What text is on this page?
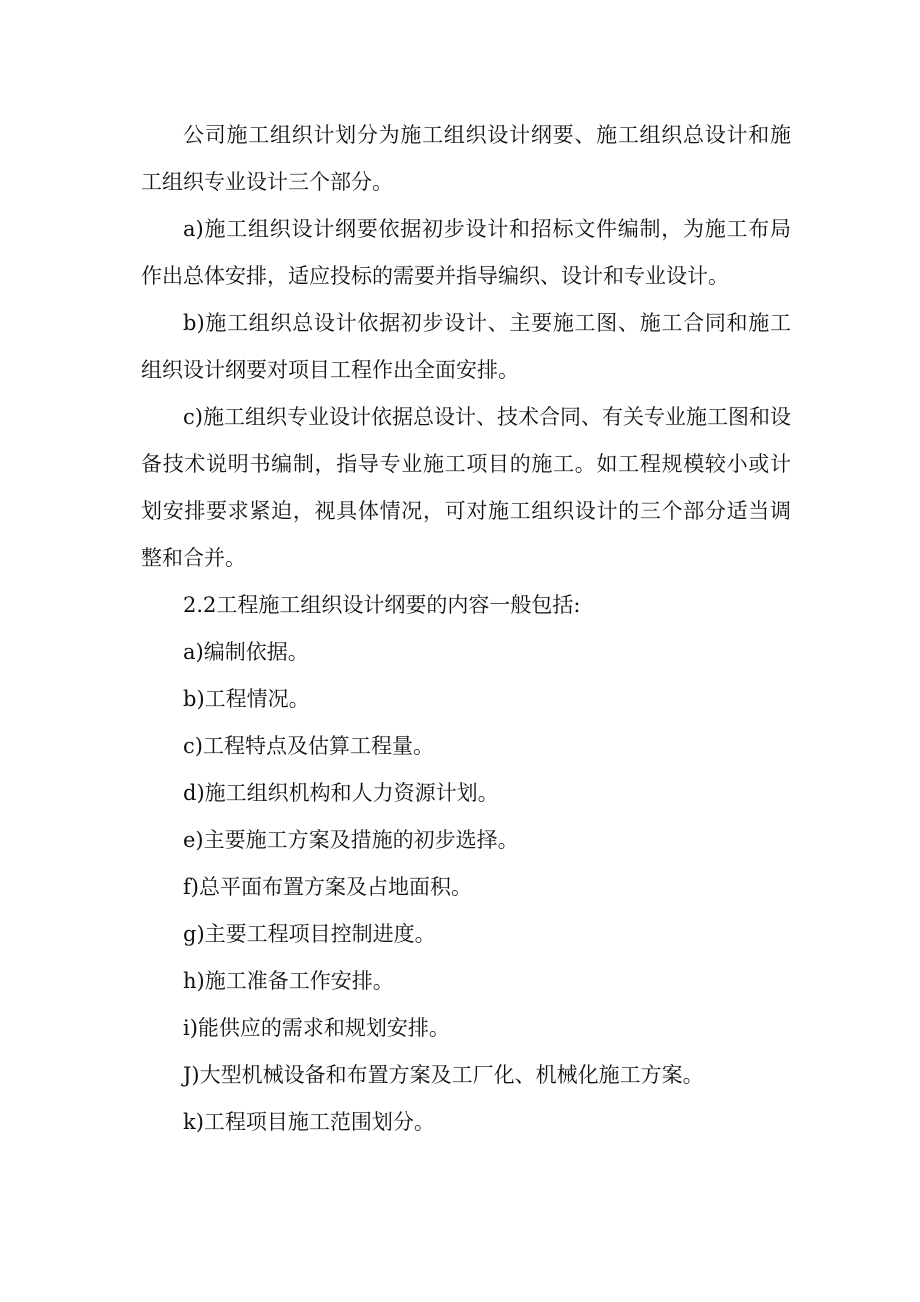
公司施工组织计划分为施工组织设计纲要、施工组织总设计和施工组织专业设计三个部分。

a)施工组织设计纲要依据初步设计和招标文件编制，为施工布局作出总体安排，适应投标的需要并指导编织、设计和专业设计。

b)施工组织总设计依据初步设计、主要施工图、施工合同和施工组织设计纲要对项目工程作出全面安排。

c)施工组织专业设计依据总设计、技术合同、有关专业施工图和设备技术说明书编制，指导专业施工项目的施工。如工程规模较小或计划安排要求紧迫，视具体情况，可对施工组织设计的三个部分适当调整和合并。

2.2工程施工组织设计纲要的内容一般包括:

a)编制依据。

b)工程情况。

c)工程特点及估算工程量。

d)施工组织机构和人力资源计划。

e)主要施工方案及措施的初步选择。

f)总平面布置方案及占地面积。

g)主要工程项目控制进度。

h)施工准备工作安排。

i)能供应的需求和规划安排。

J)大型机械设备和布置方案及工厂化、机械化施工方案。

k)工程项目施工范围划分。
